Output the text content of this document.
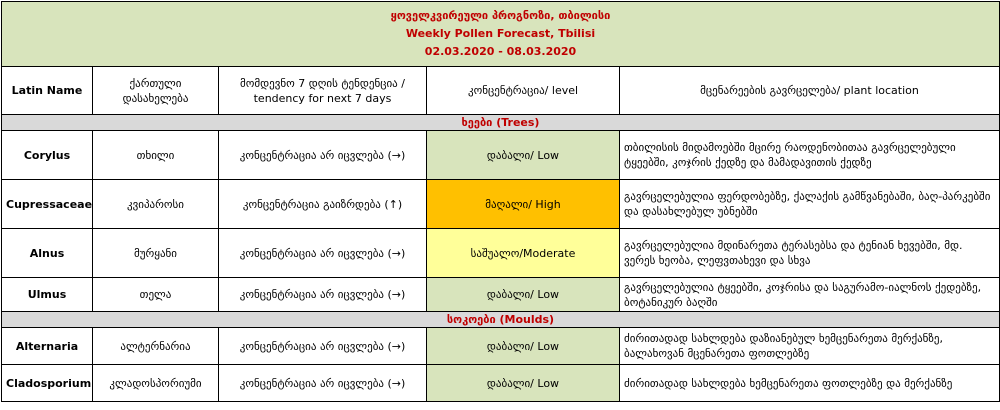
ყოველკვირეული პროგნოზი, თბილისი
Weekly Pollen Forecast, Tbilisi
02.03.2020 - 08.03.2020				

Latin Name	ქართული დასახელება	მომდევნო 7 დღის ტენდენცია / tendency for next 7 days	კონცენტრაცია/ level	მცენარეების გავრცელება/ plant location
ხეები (Trees)				
Corylus	თხილი	კონცენტრაცია არ იცვლება (→)	დაბალი/ Low	თბილისის მიდამოებში მცირე რაოდენობითაა გავრცელებული ტყეებში, კოჯრის ქედზე და მამადავითის ქედზე
Cupressaceae	კვიპაროსი	კონცენტრაცია გაიზრდება (↑)	მაღალი/ High	გავრცელებულია ფერდობებზე, ქალაქის გამწვანებაში, ბაღ-პარკებში და დასახლებულ უბნებში
Alnus	მურყანი	კონცენტრაცია არ იცვლება (→)	საშუალო/Moderate	გავრცელებულია მდინარეთა ტერასებსა და ტენიან ხევებში, მდ. ვერეს ხეობა, ლეფვთახევი და სხვა
Ulmus	თელა	კონცენტრაცია არ იცვლება (→)	დაბალი/ Low	გავრცელებულია ტყეებში, კოჯრისა და საგურამო-იალნოს ქედებზე, ბოტანიკურ ბაღში
სოკოები (Moulds)				
Alternaria	ალტერნარია	კონცენტრაცია არ იცვლება (→)	დაბალი/ Low	ძირითადად სახლდება დაზიანებულ ხემცენარეთა მერქანზე, ბალახოვან მცენარეთა ფოთლებზე
Cladosporium	კლადოსპორიუმი	კონცენტრაცია არ იცვლება (→)	დაბალი/ Low	ძირითადად სახლდება ხემცენარეთა ფოთლებზე და მერქანზე
